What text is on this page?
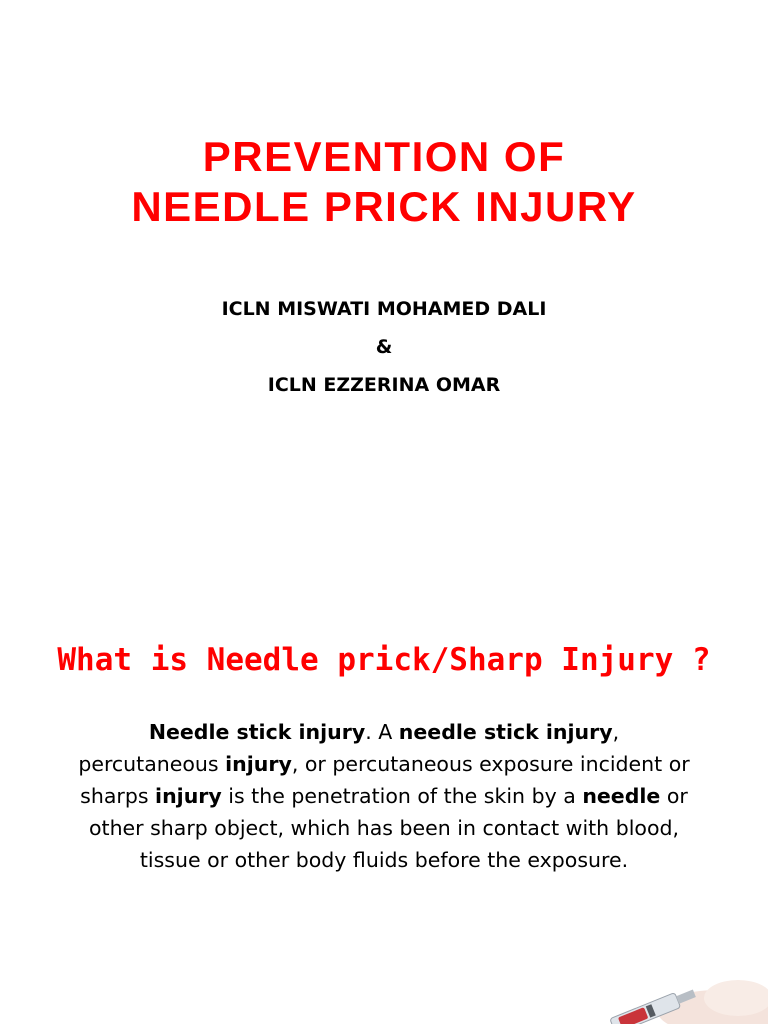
PREVENTION OF
NEEDLE PRICK INJURY
ICLN MISWATI MOHAMED DALI
&
ICLN EZZERINA OMAR
What is Needle prick/Sharp Injury ?

Needle stick injury. A needle stick injury, percutaneous injury, or percutaneous exposure incident or sharps injury is the penetration of the skin by a needle or other sharp object, which has been in contact with blood, tissue or other body fluids before the exposure.
